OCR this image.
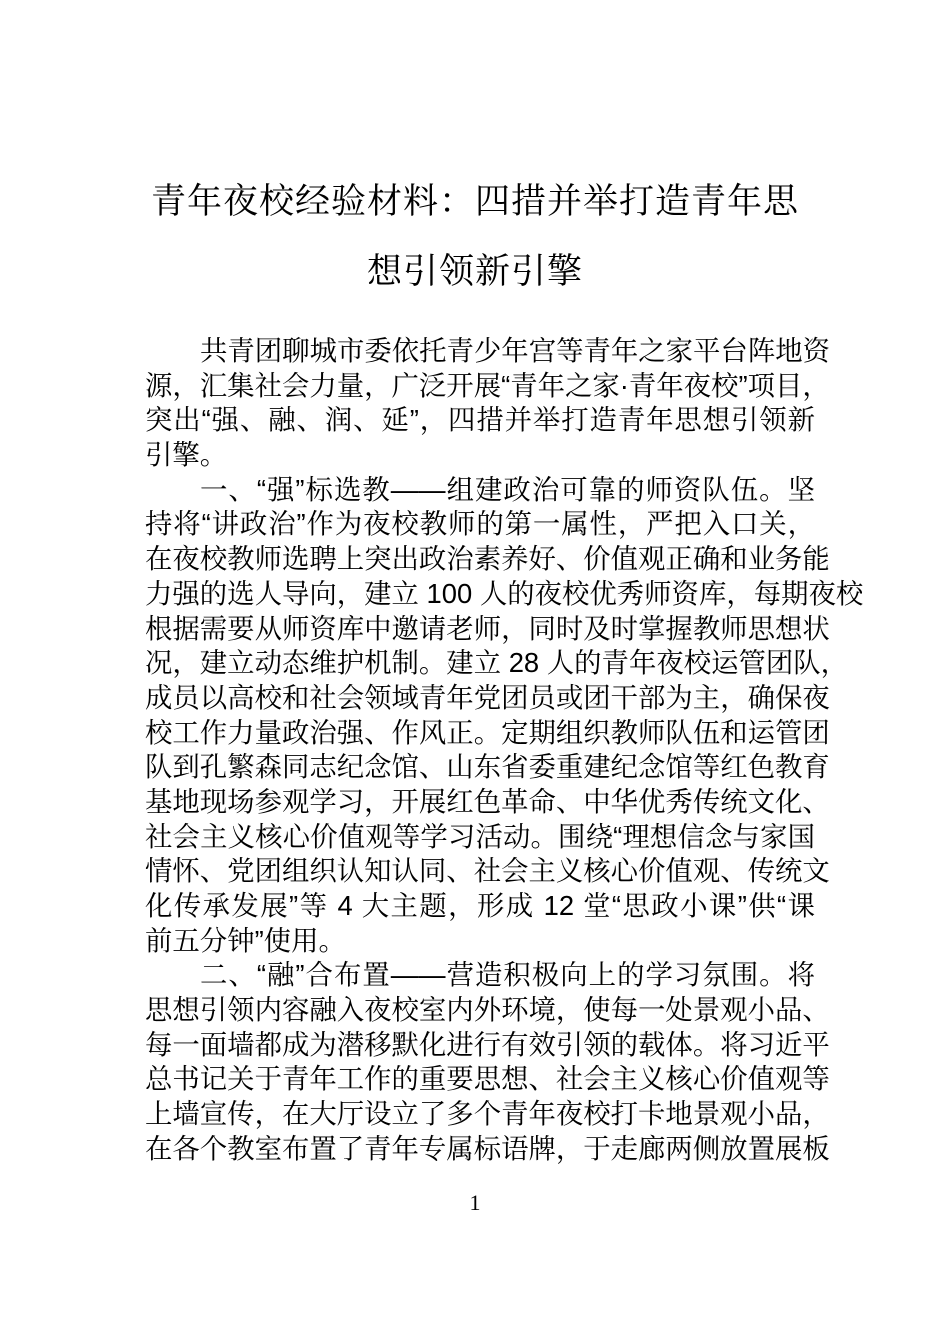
青年夜校经验材料：四措并举打造青年思
想引领新引擎
共青团聊城市委依托青少年宫等青年之家平台阵地资
源，汇集社会力量，广泛开展“青年之家·青年夜校”项目，
突出“强、融、润、延”，四措并举打造青年思想引领新
引擎。
一、“强”标选教——组建政治可靠的师资队伍。坚
持将“讲政治”作为夜校教师的第一属性，严把入口关，
在夜校教师选聘上突出政治素养好、价值观正确和业务能
力强的选人导向，建立 100 人的夜校优秀师资库，每期夜校
根据需要从师资库中邀请老师，同时及时掌握教师思想状
况，建立动态维护机制。建立 28 人的青年夜校运管团队，
成员以高校和社会领域青年党团员或团干部为主，确保夜
校工作力量政治强、作风正。定期组织教师队伍和运管团
队到孔繁森同志纪念馆、山东省委重建纪念馆等红色教育
基地现场参观学习，开展红色革命、中华优秀传统文化、
社会主义核心价值观等学习活动。围绕“理想信念与家国
情怀、党团组织认知认同、社会主义核心价值观、传统文
化传承发展”等 4 大主题，形成 12 堂“思政小课”供“课
前五分钟”使用。
二、“融”合布置——营造积极向上的学习氛围。将
思想引领内容融入夜校室内外环境，使每一处景观小品、
每一面墙都成为潜移默化进行有效引领的载体。将习近平
总书记关于青年工作的重要思想、社会主义核心价值观等
上墙宣传，在大厅设立了多个青年夜校打卡地景观小品，
在各个教室布置了青年专属标语牌，于走廊两侧放置展板
1
